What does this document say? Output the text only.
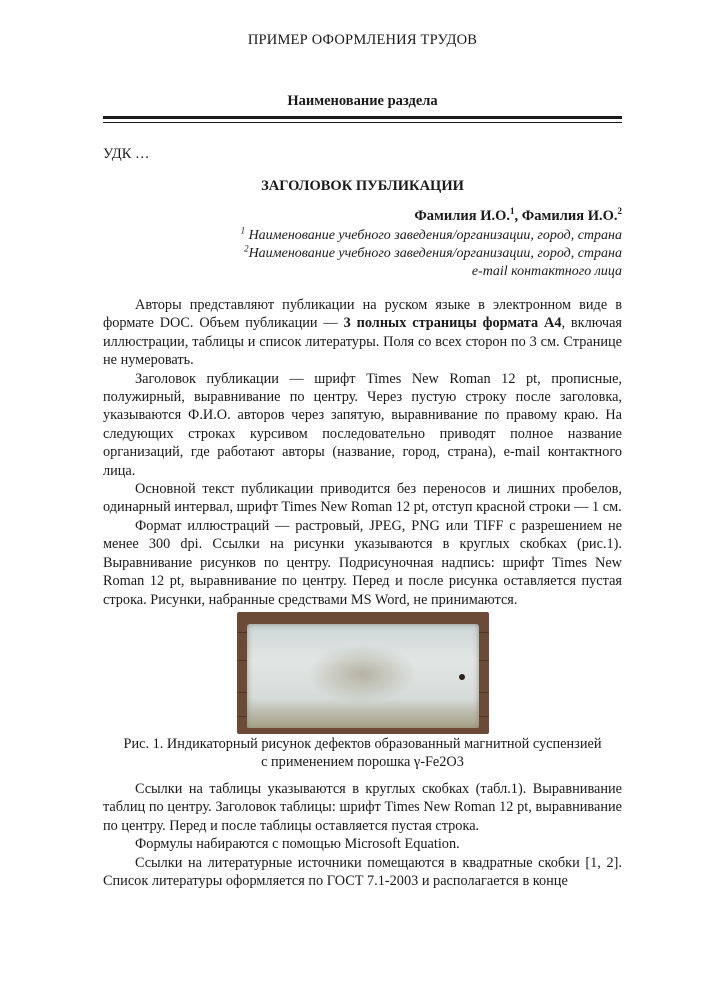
ПРИМЕР ОФОРМЛЕНИЯ ТРУДОВ
Наименование раздела
УДК …
ЗАГОЛОВОК ПУБЛИКАЦИИ
Фамилия И.О.$^1$, Фамилия И.О.$^2$
$^1$ Наименование учебного заведения/организации, город, страна
$^2$Наименование учебного заведения/организации, город, страна
e-mail контактного лица

Авторы представляют публикации на руском языке в электронном виде в формате DOC. Объем публикации — 3 полных страницы формата А4, включая иллюстрации, таблицы и список литературы. Поля со всех сторон по 3 см. Странице не нумеровать.

Заголовок публикации — шрифт Times New Roman 12 pt, прописные, полужирный, выравнивание по центру. Через пустую строку после заголовка, указываются Ф.И.О. авторов через запятую, выравнивание по правому краю. На следующих строках курсивом последовательно приводят полное название организаций, где работают авторы (название, город, страна), e-mail контактного лица.

Основной текст публикации приводится без переносов и лишних пробелов, одинарный интервал, шрифт Times New Roman 12 pt, отступ красной строки — 1 см.

Формат иллюстраций — растровый, JPEG, PNG или TIFF с разрешением не менее 300 dpi. Ссылки на рисунки указываются в круглых скобках (рис.1). Выравнивание рисунков по центру. Подрисуночная надпись: шрифт Times New Roman 12 pt, выравнивание по центру. Перед и после рисунка оставляется пустая строка. Рисунки, набранные средствами MS Word, не принимаются.

Рис. 1. Индикаторный рисунок дефектов образованный магнитной суспензией
с применением порошка γ-Fe2O3

Ссылки на таблицы указываются в круглых скобках (табл.1). Выравнивание таблиц по центру. Заголовок таблицы: шрифт Times New Roman 12 pt, выравнивание по центру. Перед и после таблицы оставляется пустая строка.

Формулы набираются с помощью Microsoft Equation.

Ссылки на литературные источники помещаются в квадратные скобки [1, 2]. Список литературы оформляется по ГОСТ 7.1-2003 и располагается в конце
